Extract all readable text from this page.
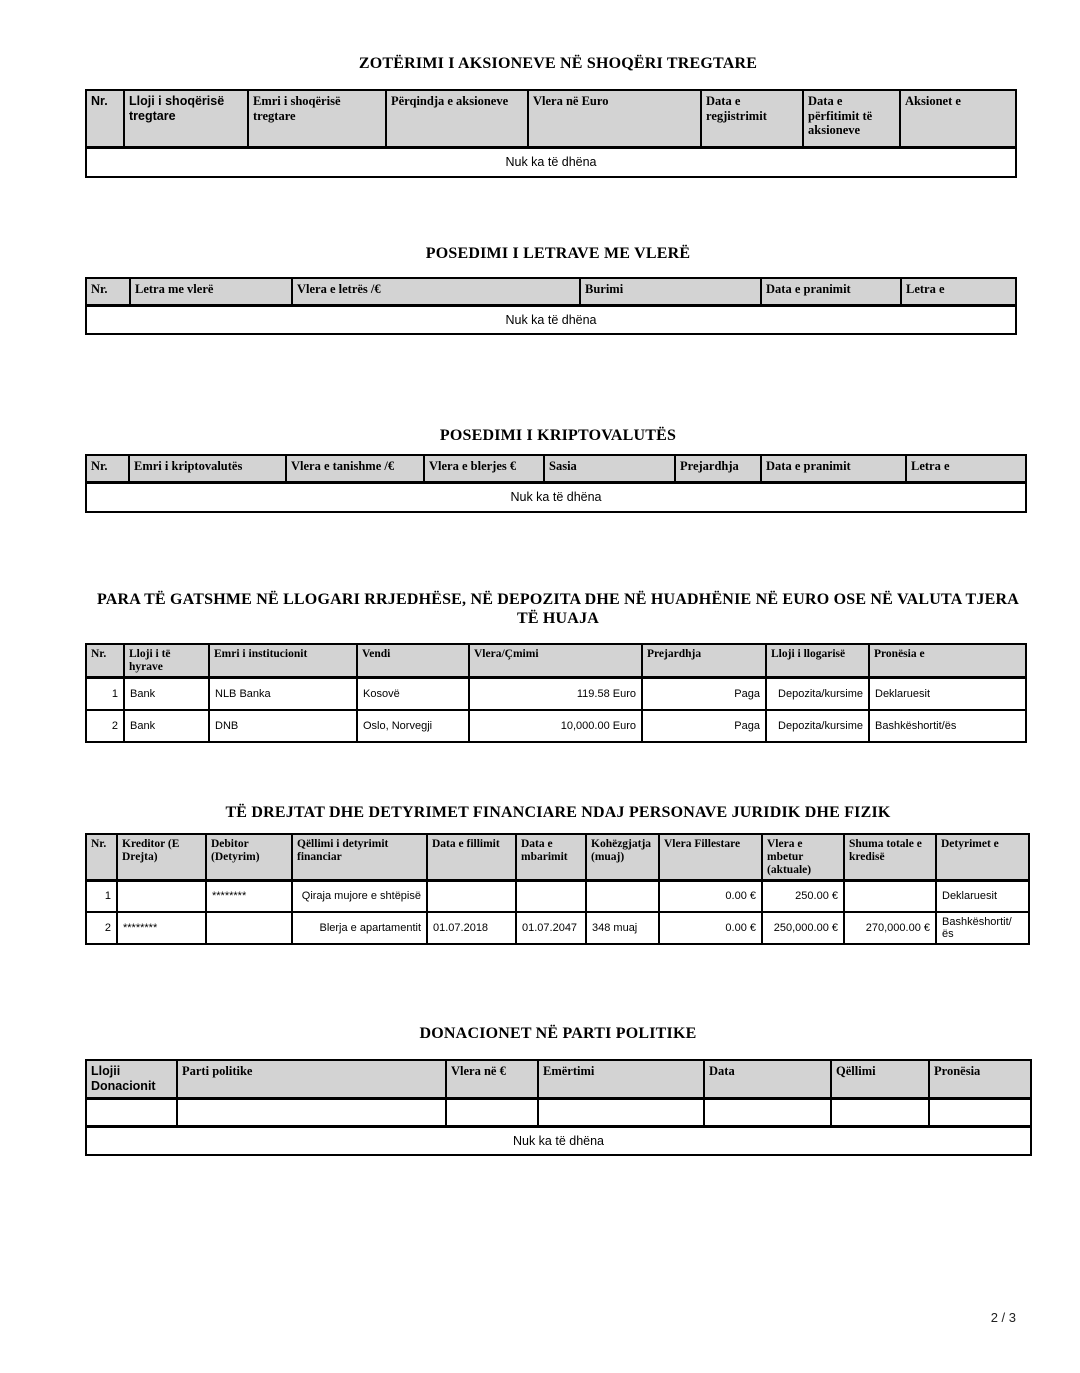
ZOTËRIMI I AKSIONEVE NË SHOQËRI TREGTARE
Nr.	Lloji i shoqërisë tregtare	Emri i shoqërisë tregtare	Përqindja e aksioneve	Vlera në Euro	Data e regjistrimit	Data e përfitimit të aksioneve	Aksionet e
Nuk ka të dhëna
POSEDIMI I LETRAVE ME VLERË
Nr.	Letra me vlerë	Vlera e letrës /€	Burimi	Data e pranimit	Letra e
Nuk ka të dhëna
POSEDIMI I KRIPTOVALUTËS
Nr.	Emri i kriptovalutës	Vlera e tanishme /€	Vlera e blerjes €	Sasia	Prejardhja	Data e pranimit	Letra e
Nuk ka të dhëna
PARA TË GATSHME NË LLOGARI RRJEDHËSE, NË DEPOZITA DHE NË HUADHËNIE NË EURO OSE NË VALUTA TJERA TË HUAJA
Nr.	Lloji i të hyrave	Emri i institucionit	Vendi	Vlera/Çmimi	Prejardhja	Lloji i llogarisë	Pronësia e
1	Bank	NLB Banka	Kosovë	119.58 Euro	Paga	Depozita/kursime	Deklaruesit
2	Bank	DNB	Oslo, Norvegji	10,000.00 Euro	Paga	Depozita/kursime	Bashkëshortit/ës
TË DREJTAT DHE DETYRIMET FINANCIARE NDAJ PERSONAVE JURIDIK DHE FIZIK
Nr.	Kreditor (E Drejta)	Debitor (Detyrim)	Qëllimi i detyrimit financiar	Data e fillimit	Data e mbarimit	Kohëzgjatja (muaj)	Vlera Fillestare	Vlera e mbetur (aktuale)	Shuma totale e kredisë	Detyrimet e
1		********	Qiraja mujore e shtëpisë				0.00 €	250.00 €		Deklaruesit
2	********		Blerja e apartamentit	01.07.2018	01.07.2047	348 muaj	0.00 €	250,000.00 €	270,000.00 €	Bashkëshortit/ës
DONACIONET NË PARTI POLITIKE
Llojii Donacionit	Parti politike	Vlera në €	Emërtimi	Data	Qëllimi	Pronësia

Nuk ka të dhëna						
2 / 3
